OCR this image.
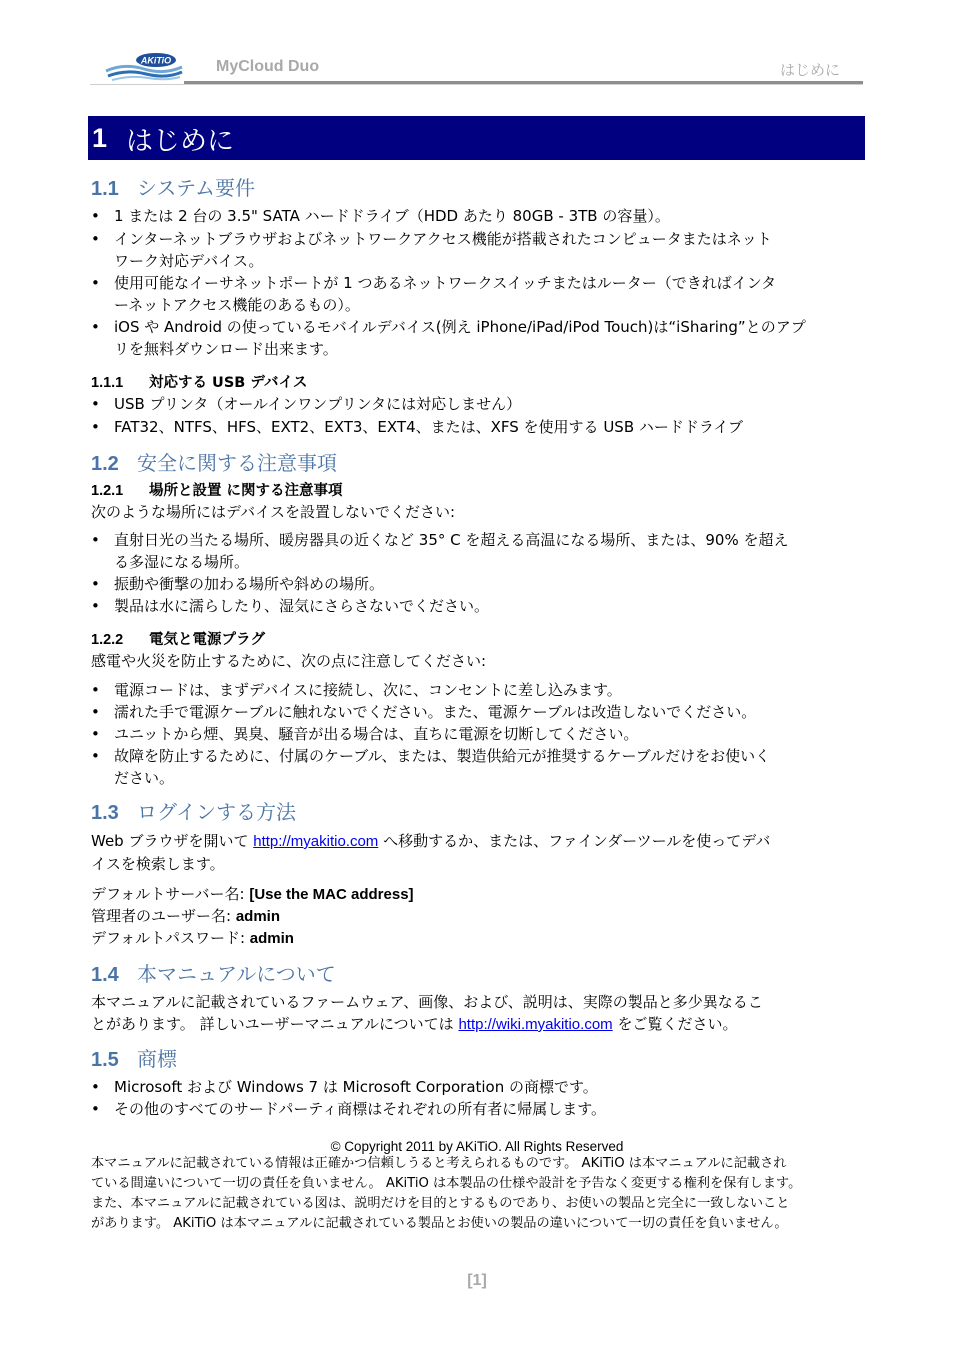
AKiTiO	MyCloud Duo	はじめに
1 はじめに
1.1 システム要件
• 1 または 2 台の 3.5" SATA ハードドライブ（HDD あたり 80GB - 3TB の容量）。
• インターネットブラウザおよびネットワークアクセス機能が搭載されたコンピュータまたはネット
ワーク対応デバイス。
• 使用可能なイーサネットポートが 1 つあるネットワークスイッチまたはルーター（できればインタ
ーネットアクセス機能のあるもの）。
• iOS や Android の使っているモバイルデバイス(例え iPhone/iPad/iPod Touch)は“iSharing”とのアプ
リを無料ダウンロード出来ます。
1.1.1	対応する USB デバイス
• USB プリンタ（オールインワンプリンタには対応しません）
• FAT32、NTFS、HFS、EXT2、EXT3、EXT4、または、XFS を使用する USB ハードドライブ
1.2 安全に関する注意事項
1.2.1	場所と設置 に関する注意事項
次のような場所にはデバイスを設置しないでください:
• 直射日光の当たる場所、暖房器具の近くなど 35° C を超える高温になる場所、または、90% を超え
る多湿になる場所。
• 振動や衝撃の加わる場所や斜めの場所。
• 製品は水に濡らしたり、湿気にさらさないでください。
1.2.2	電気と電源プラグ
感電や火災を防止するために、次の点に注意してください:
• 電源コードは、まずデバイスに接続し、次に、コンセントに差し込みます。
• 濡れた手で電源ケーブルに触れないでください。また、電源ケーブルは改造しないでください。
• ユニットから煙、異臭、騒音が出る場合は、直ちに電源を切断してください。
• 故障を防止するために、付属のケーブル、または、製造供給元が推奨するケーブルだけをお使いく
ださい。
1.3 ログインする方法
Web ブラウザを開いて http://myakitio.com へ移動するか、または、ファインダーツールを使ってデバ
イスを検索します。
デフォルトサーバー名: [Use the MAC address]
管理者のユーザー名: admin
デフォルトパスワード: admin
1.4 本マニュアルについて
本マニュアルに記載されているファームウェア、画像、および、説明は、実際の製品と多少異なるこ
とがあります。 詳しいユーザーマニュアルについては http://wiki.myakitio.com をご覧ください。
1.5 商標
• Microsoft および Windows 7 は Microsoft Corporation の商標です。
• その他のすべてのサードパーティ商標はそれぞれの所有者に帰属します。
© Copyright 2011 by AKiTiO. All Rights Reserved
本マニュアルに記載されている情報は正確かつ信頼しうると考えられるものです。 AKiTiO は本マニュアルに記載され
ている間違いについて一切の責任を負いません。 AKiTiO は本製品の仕様や設計を予告なく変更する権利を保有します。
また、本マニュアルに記載されている図は、説明だけを目的とするものであり、お使いの製品と完全に一致しないこと
があります。 AKiTiO は本マニュアルに記載されている製品とお使いの製品の違いについて一切の責任を負いません。
[1]
